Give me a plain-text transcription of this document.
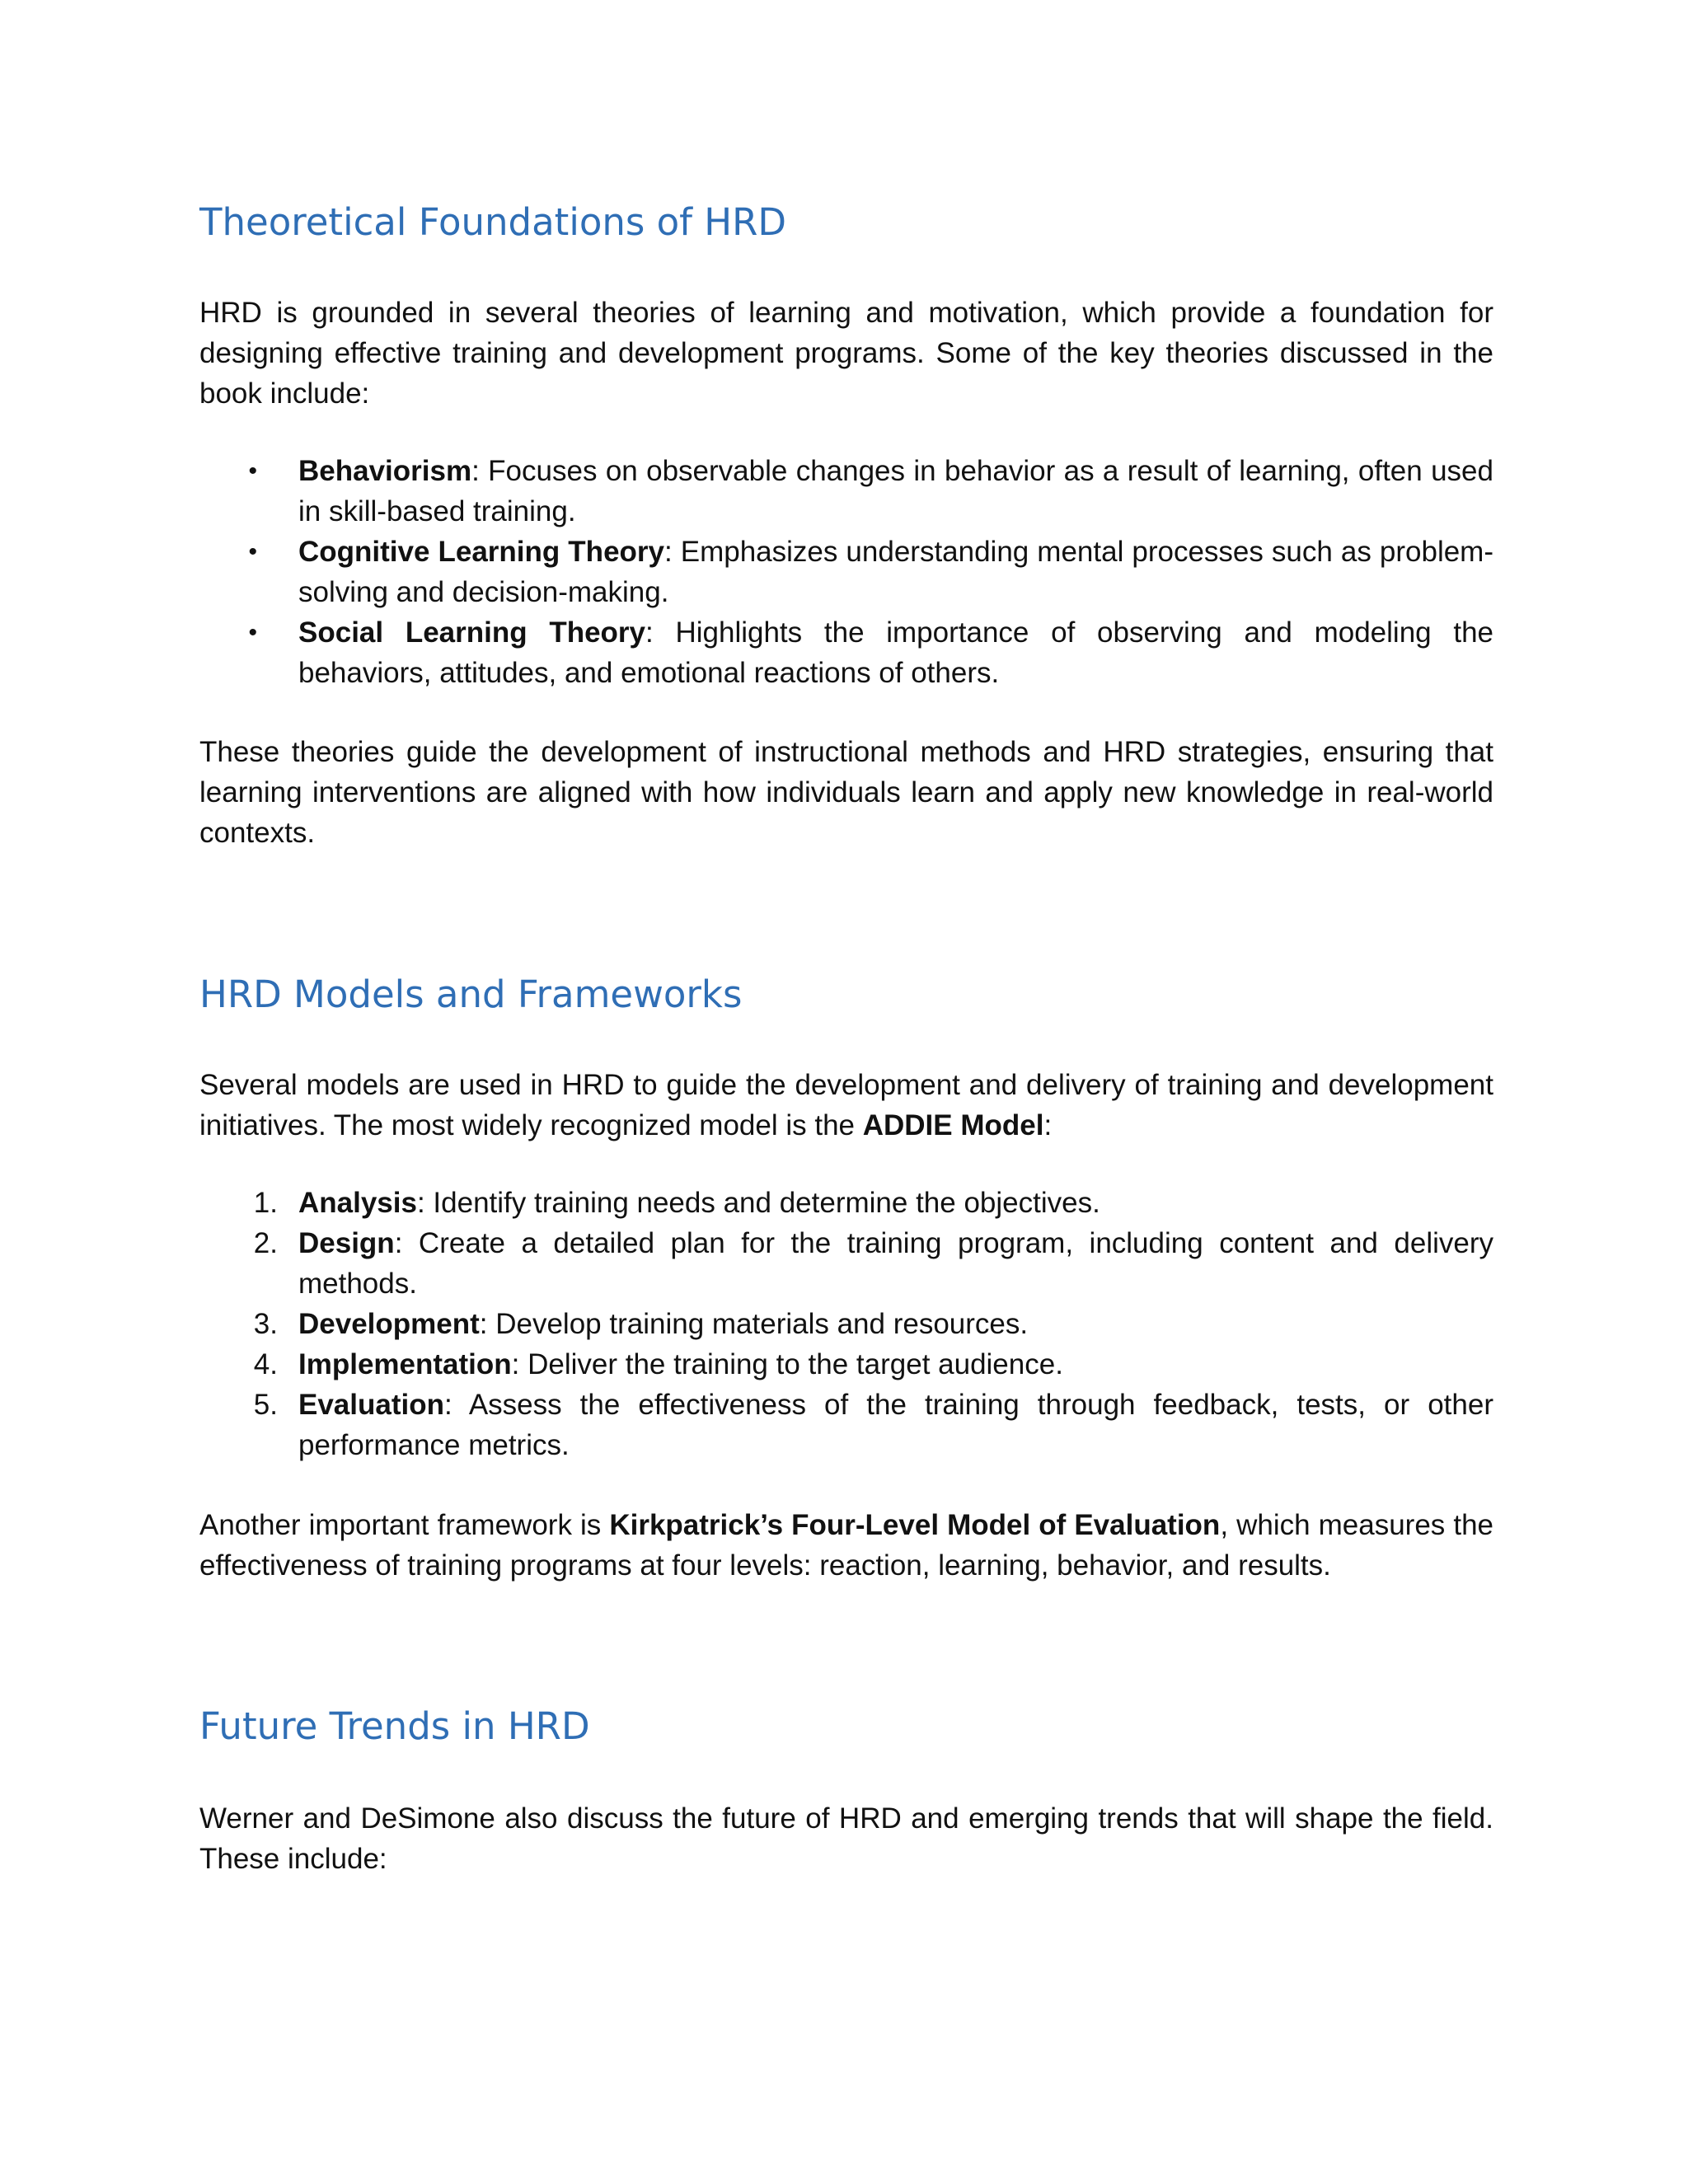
Theoretical Foundations of HRD

HRD is grounded in several theories of learning and motivation, which provide a foundation for designing effective training and development programs. Some of the key theories discussed in the book include:

• Behaviorism: Focuses on observable changes in behavior as a result of learning, often used in skill-based training.
• Cognitive Learning Theory: Emphasizes understanding mental processes such as problem-solving and decision-making.
• Social Learning Theory: Highlights the importance of observing and modeling the behaviors, attitudes, and emotional reactions of others.

These theories guide the development of instructional methods and HRD strategies, ensuring that learning interventions are aligned with how individuals learn and apply new knowledge in real-world contexts.

HRD Models and Frameworks

Several models are used in HRD to guide the development and delivery of training and development initiatives. The most widely recognized model is the ADDIE Model:

1. Analysis: Identify training needs and determine the objectives.
2. Design: Create a detailed plan for the training program, including content and delivery methods.
3. Development: Develop training materials and resources.
4. Implementation: Deliver the training to the target audience.
5. Evaluation: Assess the effectiveness of the training through feedback, tests, or other performance metrics.

Another important framework is Kirkpatrick’s Four-Level Model of Evaluation, which measures the effectiveness of training programs at four levels: reaction, learning, behavior, and results.

Future Trends in HRD

Werner and DeSimone also discuss the future of HRD and emerging trends that will shape the field. These include:
